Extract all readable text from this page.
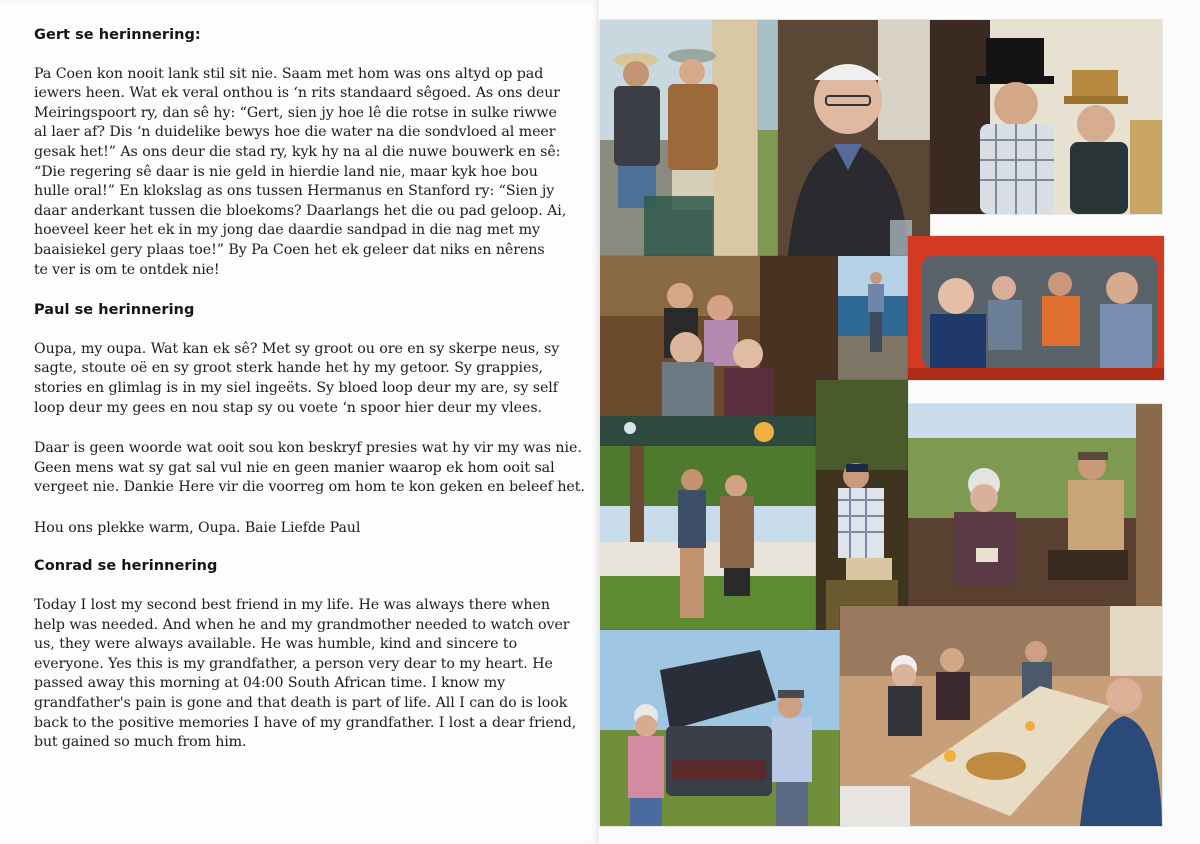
Gert se herinnering:

Pa Coen kon nooit lank stil sit nie. Saam met hom was ons altyd op pad
iewers heen. Wat ek veral onthou is ‘n rits standaard sêgoed. As ons deur
Meiringspoort ry, dan sê hy: “Gert, sien jy hoe lê die rotse in sulke riwwe
al laer af? Dis ‘n duidelike bewys hoe die water na die sondvloed al meer
gesak het!” As ons deur die stad ry, kyk hy na al die nuwe bouwerk en sê:
“Die regering sê daar is nie geld in hierdie land nie, maar kyk hoe bou
hulle oral!” En klokslag as ons tussen Hermanus en Stanford ry: “Sien jy
daar anderkant tussen die bloekoms? Daarlangs het die ou pad geloop. Ai,
hoeveel keer het ek in my jong dae daardie sandpad in die nag met my
baaisiekel gery plaas toe!” By Pa Coen het ek geleer dat niks en nêrens
te ver is om te ontdek nie!

Paul se herinnering

Oupa, my oupa. Wat kan ek sê? Met sy groot ou ore en sy skerpe neus, sy
sagte, stoute oë en sy groot sterk hande het hy my getoor. Sy grappies,
stories en glimlag is in my siel ingeëts. Sy bloed loop deur my are, sy self
loop deur my gees en nou stap sy ou voete ‘n spoor hier deur my vlees.

Daar is geen woorde wat ooit sou kon beskryf presies wat hy vir my was nie.
Geen mens wat sy gat sal vul nie en geen manier waarop ek hom ooit sal
vergeet nie. Dankie Here vir die voorreg om hom te kon geken en beleef het.

Hou ons plekke warm, Oupa. Baie Liefde Paul

Conrad se herinnering

Today I lost my second best friend in my life. He was always there when
help was needed. And when he and my grandmother needed to watch over
us, they were always available. He was humble, kind and sincere to
everyone. Yes this is my grandfather, a person very dear to my heart. He
passed away this morning at 04:00 South African time. I know my
grandfather's pain is gone and that death is part of life. All I can do is look
back to the positive memories I have of my grandfather. I lost a dear friend,
but gained so much from him.
